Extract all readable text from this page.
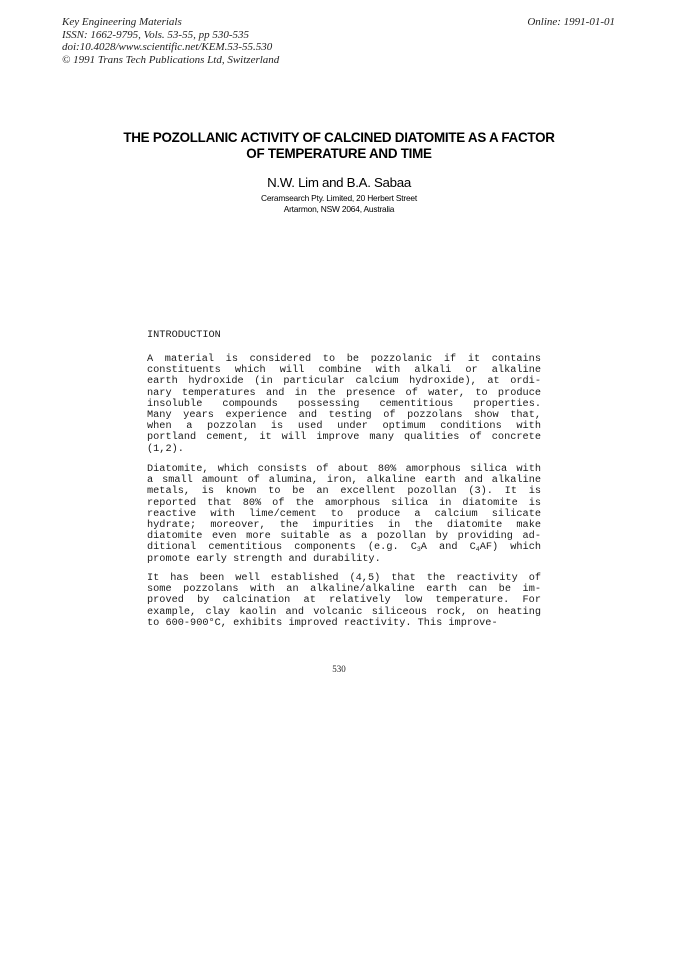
Key Engineering Materials
ISSN: 1662-9795, Vols. 53-55, pp 530-535
doi:10.4028/www.scientific.net/KEM.53-55.530
© 1991 Trans Tech Publications Ltd, Switzerland
Online: 1991-01-01
THE POZOLLANIC ACTIVITY OF CALCINED DIATOMITE AS A FACTOR
OF TEMPERATURE AND TIME
N.W. Lim and B.A. Sabaa
Ceramsearch Pty. Limited, 20 Herbert Street
Artarmon, NSW 2064, Australia
INTRODUCTION
A material is considered to be pozzolanic if it contains
constituents which will combine with alkali or alkaline
earth hydroxide (in particular calcium hydroxide), at ordi-
nary temperatures and in the presence of water, to produce
insoluble compounds possessing cementitious properties.
Many years experience and testing of pozzolans show that,
when a pozzolan is used under optimum conditions with
portland cement, it will improve many qualities of concrete
(1,2).
Diatomite, which consists of about 80% amorphous silica with
a small amount of alumina, iron, alkaline earth and alkaline
metals, is known to be an excellent pozollan (3). It is
reported that 80% of the amorphous silica in diatomite is
reactive with lime/cement to produce a calcium silicate
hydrate; moreover, the impurities in the diatomite make
diatomite even more suitable as a pozollan by providing ad-
ditional cementitious components (e.g. $C_3A$ and $C_4AF$) which
promote early strength and durability.
It has been well established (4,5) that the reactivity of
some pozzolans with an alkaline/alkaline earth can be im-
proved by calcination at relatively low temperature. For
example, clay kaolin and volcanic siliceous rock, on heating
to 600-900°C, exhibits improved reactivity. This improve-
530
